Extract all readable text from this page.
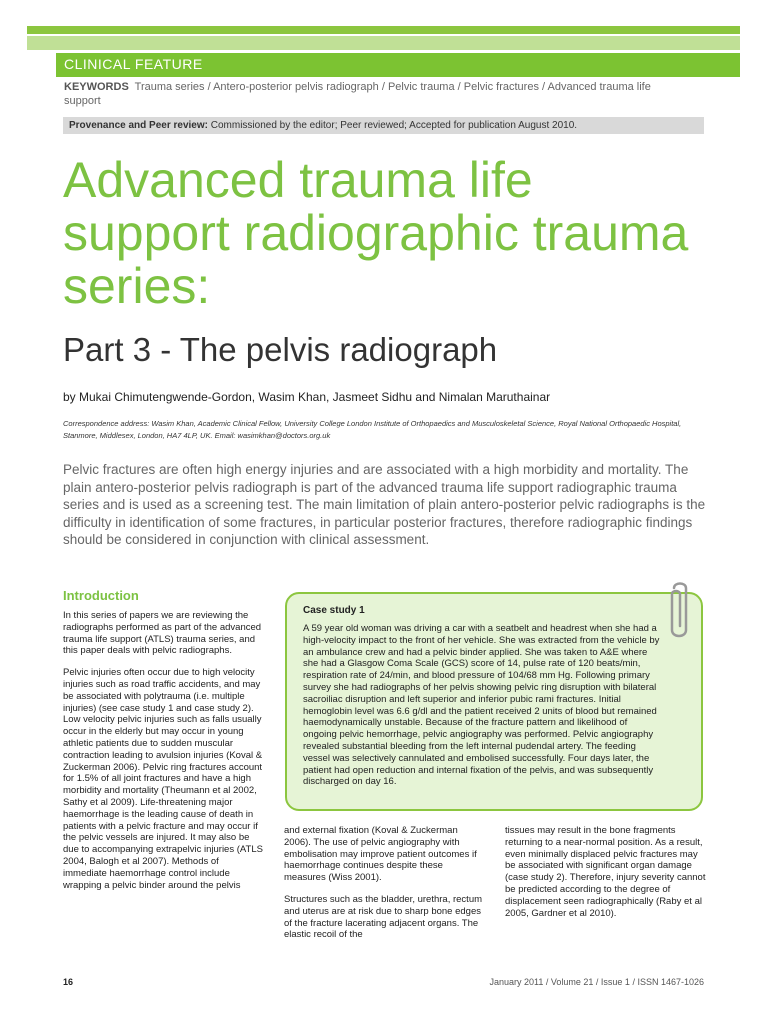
CLINICAL FEATURE
KEYWORDS Trauma series / Antero-posterior pelvis radiograph / Pelvic trauma / Pelvic fractures / Advanced trauma life support
Provenance and Peer review: Commissioned by the editor; Peer reviewed; Accepted for publication August 2010.
Advanced trauma life support radiographic trauma series:
Part 3 - The pelvis radiograph
by Mukai Chimutengwende-Gordon, Wasim Khan, Jasmeet Sidhu and Nimalan Maruthainar
Correspondence address: Wasim Khan, Academic Clinical Fellow, University College London Institute of Orthopaedics and Musculoskeletal Science, Royal National Orthopaedic Hospital, Stanmore, Middlesex, London, HA7 4LP, UK. Email: wasimkhan@doctors.org.uk
Pelvic fractures are often high energy injuries and are associated with a high morbidity and mortality. The plain antero-posterior pelvis radiograph is part of the advanced trauma life support radiographic trauma series and is used as a screening test. The main limitation of plain antero-posterior pelvic radiographs is the difficulty in identification of some fractures, in particular posterior fractures, therefore radiographic findings should be considered in conjunction with clinical assessment.
Introduction

In this series of papers we are reviewing the radiographs performed as part of the advanced trauma life support (ATLS) trauma series, and this paper deals with pelvic radiographs.

Pelvic injuries often occur due to high velocity injuries such as road traffic accidents, and may be associated with polytrauma (i.e. multiple injuries) (see case study 1 and case study 2). Low velocity pelvic injuries such as falls usually occur in the elderly but may occur in young athletic patients due to sudden muscular contraction leading to avulsion injuries (Koval & Zuckerman 2006). Pelvic ring fractures account for 1.5% of all joint fractures and have a high morbidity and mortality (Theumann et al 2002, Sathy et al 2009). Life-threatening major haemorrhage is the leading cause of death in patients with a pelvic fracture and may occur if the pelvic vessels are injured. It may also be due to accompanying extrapelvic injuries (ATLS 2004, Balogh et al 2007). Methods of immediate haemorrhage control include wrapping a pelvic binder around the pelvis

Case study 1
A 59 year old woman was driving a car with a seatbelt and headrest when she had a high-velocity impact to the front of her vehicle. She was extracted from the vehicle by an ambulance crew and had a pelvic binder applied. She was taken to A&E where she had a Glasgow Coma Scale (GCS) score of 14, pulse rate of 120 beats/min, respiration rate of 24/min, and blood pressure of 104/68 mm Hg. Following primary survey she had radiographs of her pelvis showing pelvic ring disruption with bilateral sacroiliac disruption and left superior and inferior pubic rami fractures. Initial hemoglobin level was 6.6 g/dl and the patient received 2 units of blood but remained haemodynamically unstable. Because of the fracture pattern and likelihood of ongoing pelvic hemorrhage, pelvic angiography was performed. Pelvic angiography revealed substantial bleeding from the left internal pudendal artery. The feeding vessel was selectively cannulated and embolised successfully. Four days later, the patient had open reduction and internal fixation of the pelvis, and was subsequently discharged on day 16.

and external fixation (Koval & Zuckerman 2006). The use of pelvic angiography with embolisation may improve patient outcomes if haemorrhage continues despite these measures (Wiss 2001).

Structures such as the bladder, urethra, rectum and uterus are at risk due to sharp bone edges of the fracture lacerating adjacent organs. The elastic recoil of the

tissues may result in the bone fragments returning to a near-normal position. As a result, even minimally displaced pelvic fractures may be associated with significant organ damage (case study 2). Therefore, injury severity cannot be predicted according to the degree of displacement seen radiographically (Raby et al 2005, Gardner et al 2010).

16	January 2011 / Volume 21 / Issue 1 / ISSN 1467-1026
